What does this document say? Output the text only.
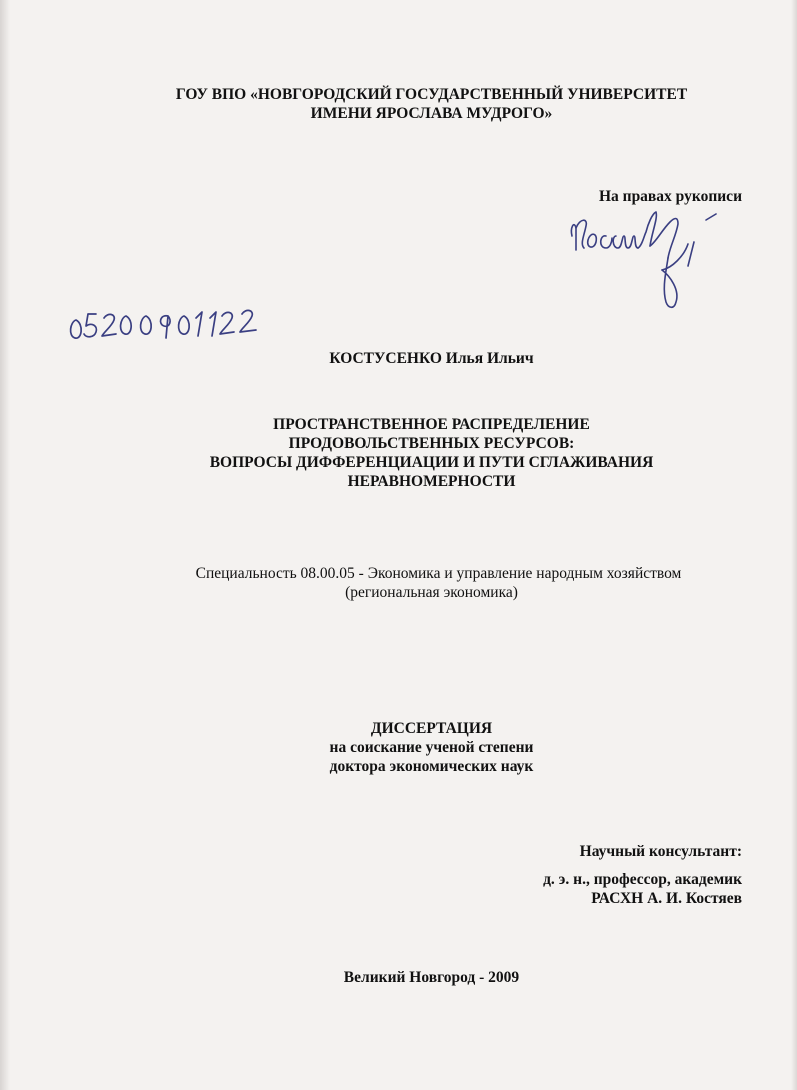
ГОУ ВПО «НОВГОРОДСКИЙ ГОСУДАРСТВЕННЫЙ УНИВЕРСИТЕТ
ИМЕНИ ЯРОСЛАВА МУДРОГО»
На правах рукописи
КОСТУСЕНКО Илья Ильич
ПРОСТРАНСТВЕННОЕ РАСПРЕДЕЛЕНИЕ
ПРОДОВОЛЬСТВЕННЫХ РЕСУРСОВ:
ВОПРОСЫ ДИФФЕРЕНЦИАЦИИ И ПУТИ СГЛАЖИВАНИЯ
НЕРАВНОМЕРНОСТИ
Специальность 08.00.05 - Экономика и управление народным хозяйством
(региональная экономика)
ДИССЕРТАЦИЯ
на соискание ученой степени
доктора экономических наук
Научный консультант:
д. э. н., профессор, академик
РАСХН А. И. Костяев
Великий Новгород - 2009
